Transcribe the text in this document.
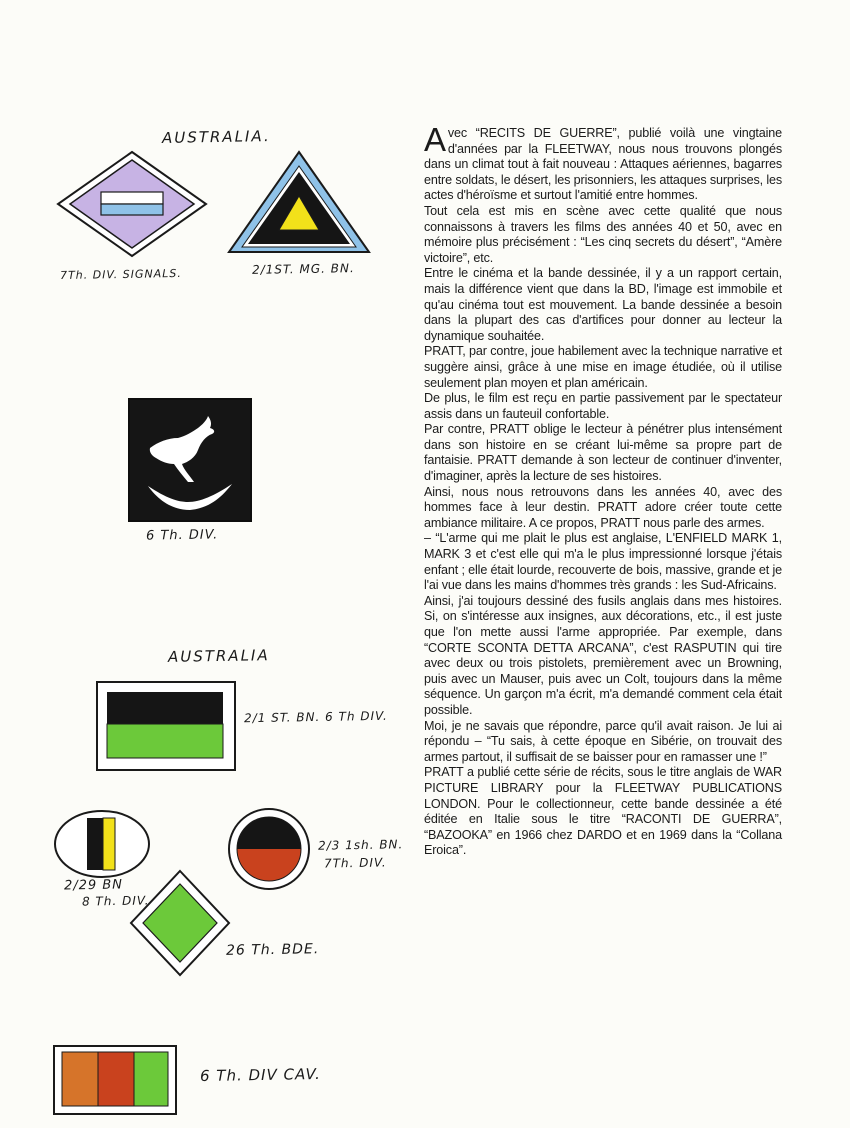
AUSTRALIA.
7Th. DIV. SIGNALS.	2/1ST. MG. BN.
6 Th. DIV.
AUSTRALIA
2/1 ST. BN. 6 Th DIV.
2/29 BN
8 Th. DIV.
2/3 1sh. BN.
7Th. DIV.
26 Th. BDE.
6 Th. DIV CAV.

Avec “RECITS DE GUERRE”, publié voilà une vingtaine d'années par la FLEETWAY, nous nous trouvons plongés dans un climat tout à fait nouveau : Attaques aériennes, bagarres entre soldats, le désert, les prisonniers, les attaques surprises, les actes d'héroïsme et surtout l'amitié entre hommes.

Tout cela est mis en scène avec cette qualité que nous connaissons à travers les films des années 40 et 50, avec en mémoire plus précisément : “Les cinq secrets du désert”, “Amère victoire”, etc.

Entre le cinéma et la bande dessinée, il y a un rapport certain, mais la différence vient que dans la BD, l'image est immobile et qu'au cinéma tout est mouvement. La bande dessinée a besoin dans la plupart des cas d'artifices pour donner au lecteur la dynamique souhaitée.

PRATT, par contre, joue habilement avec la technique narrative et suggère ainsi, grâce à une mise en image étudiée, où il utilise seulement plan moyen et plan américain.

De plus, le film est reçu en partie passivement par le spectateur assis dans un fauteuil confortable.

Par contre, PRATT oblige le lecteur à pénétrer plus intensément dans son histoire en se créant lui-même sa propre part de fantaisie. PRATT demande à son lecteur de continuer d'inventer, d'imaginer, après la lecture de ses histoires.

Ainsi, nous nous retrouvons dans les années 40, avec des hommes face à leur destin. PRATT adore créer toute cette ambiance militaire. A ce propos, PRATT nous parle des armes.

– “L'arme qui me plait le plus est anglaise, L'ENFIELD MARK 1, MARK 3 et c'est elle qui m'a le plus impressionné lorsque j'étais enfant ; elle était lourde, recouverte de bois, massive, grande et je l'ai vue dans les mains d'hommes très grands : les Sud-Africains.

Ainsi, j'ai toujours dessiné des fusils anglais dans mes histoires. Si, on s'intéresse aux insignes, aux décorations, etc., il est juste que l'on mette aussi l'arme appropriée. Par exemple, dans “CORTE SCONTA DETTA ARCANA”, c'est RASPUTIN qui tire avec deux ou trois pistolets, premièrement avec un Browning, puis avec un Mauser, puis avec un Colt, toujours dans la même séquence. Un garçon m'a écrit, m'a demandé comment cela était possible.

Moi, je ne savais que répondre, parce qu'il avait raison. Je lui ai répondu – “Tu sais, à cette époque en Sibérie, on trouvait des armes partout, il suffisait de se baisser pour en ramasser une !”

PRATT a publié cette série de récits, sous le titre anglais de WAR PICTURE LIBRARY pour la FLEETWAY PUBLICATIONS LONDON. Pour le collectionneur, cette bande dessinée a été éditée en Italie sous le titre “RACONTI DE GUERRA”, “BAZOOKA” en 1966 chez DARDO et en 1969 dans la “Collana Eroica”.
